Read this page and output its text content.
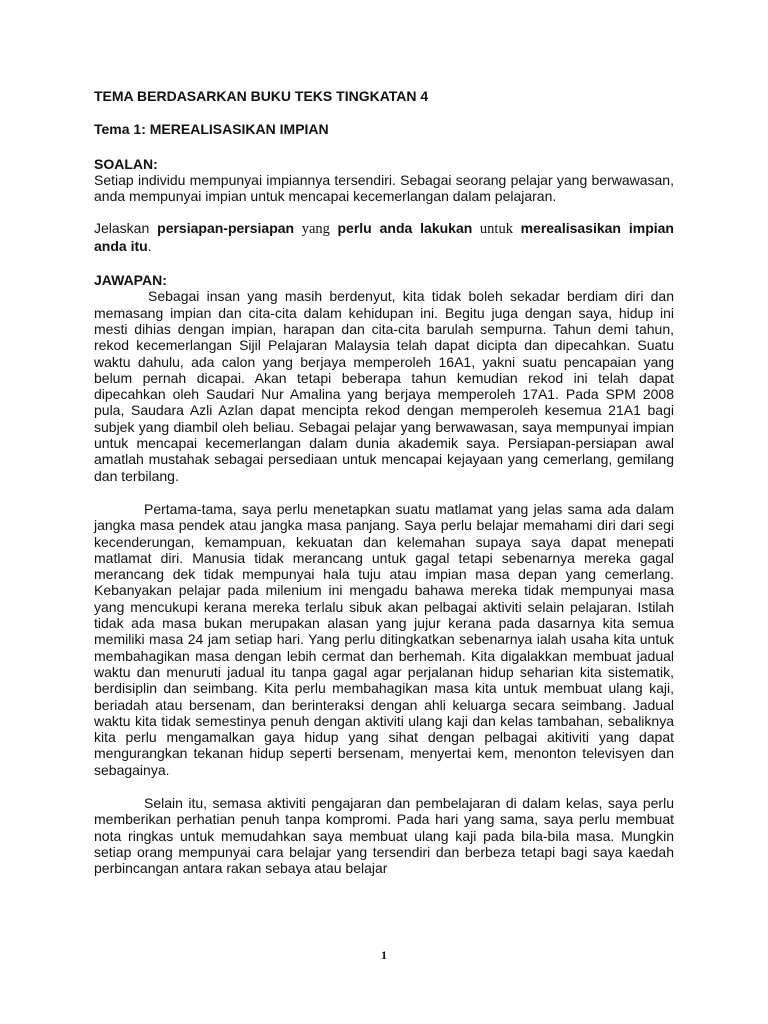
TEMA BERDASARKAN BUKU TEKS TINGKATAN 4
Tema 1: MEREALISASIKAN IMPIAN
SOALAN:

Setiap individu mempunyai impiannya tersendiri. Sebagai seorang pelajar yang berwawasan, anda mempunyai impian untuk mencapai kecemerlangan dalam pelajaran.

Jelaskan persiapan-persiapan yang perlu anda lakukan untuk merealisasikan impian anda itu.

JAWAPAN:

Sebagai insan yang masih berdenyut, kita tidak boleh sekadar berdiam diri dan memasang impian dan cita-cita dalam kehidupan ini. Begitu juga dengan saya, hidup ini mesti dihias dengan impian, harapan dan cita-cita barulah sempurna. Tahun demi tahun, rekod kecemerlangan Sijil Pelajaran Malaysia telah dapat dicipta dan dipecahkan. Suatu waktu dahulu, ada calon yang berjaya memperoleh 16A1, yakni suatu pencapaian yang belum pernah dicapai. Akan tetapi beberapa tahun kemudian rekod ini telah dapat dipecahkan oleh Saudari Nur Amalina yang berjaya memperoleh 17A1. Pada SPM 2008 pula, Saudara Azli Azlan dapat mencipta rekod dengan memperoleh kesemua 21A1 bagi subjek yang diambil oleh beliau. Sebagai pelajar yang berwawasan, saya mempunyai impian untuk mencapai kecemerlangan dalam dunia akademik saya. Persiapan-persiapan awal amatlah mustahak sebagai persediaan untuk mencapai kejayaan yang cemerlang, gemilang dan terbilang.

Pertama-tama, saya perlu menetapkan suatu matlamat yang jelas sama ada dalam jangka masa pendek atau jangka masa panjang. Saya perlu belajar memahami diri dari segi kecenderungan, kemampuan, kekuatan dan kelemahan supaya saya dapat menepati matlamat diri. Manusia tidak merancang untuk gagal tetapi sebenarnya mereka gagal merancang dek tidak mempunyai hala tuju atau impian masa depan yang cemerlang. Kebanyakan pelajar pada milenium ini mengadu bahawa mereka tidak mempunyai masa yang mencukupi kerana mereka terlalu sibuk akan pelbagai aktiviti selain pelajaran. Istilah tidak ada masa bukan merupakan alasan yang jujur kerana pada dasarnya kita semua memiliki masa 24 jam setiap hari. Yang perlu ditingkatkan sebenarnya ialah usaha kita untuk membahagikan masa dengan lebih cermat dan berhemah. Kita digalakkan membuat jadual waktu dan menuruti jadual itu tanpa gagal agar perjalanan hidup seharian kita sistematik, berdisiplin dan seimbang. Kita perlu membahagikan masa kita untuk membuat ulang kaji, beriadah atau bersenam, dan berinteraksi dengan ahli keluarga secara seimbang. Jadual waktu kita tidak semestinya penuh dengan aktiviti ulang kaji dan kelas tambahan, sebaliknya kita perlu mengamalkan gaya hidup yang sihat dengan pelbagai akitiviti yang dapat mengurangkan tekanan hidup seperti bersenam, menyertai kem, menonton televisyen dan sebagainya.

Selain itu, semasa aktiviti pengajaran dan pembelajaran di dalam kelas, saya perlu memberikan perhatian penuh tanpa kompromi. Pada hari yang sama, saya perlu membuat nota ringkas untuk memudahkan saya membuat ulang kaji pada bila-bila masa. Mungkin setiap orang mempunyai cara belajar yang tersendiri dan berbeza tetapi bagi saya kaedah perbincangan antara rakan sebaya atau belajar

1
